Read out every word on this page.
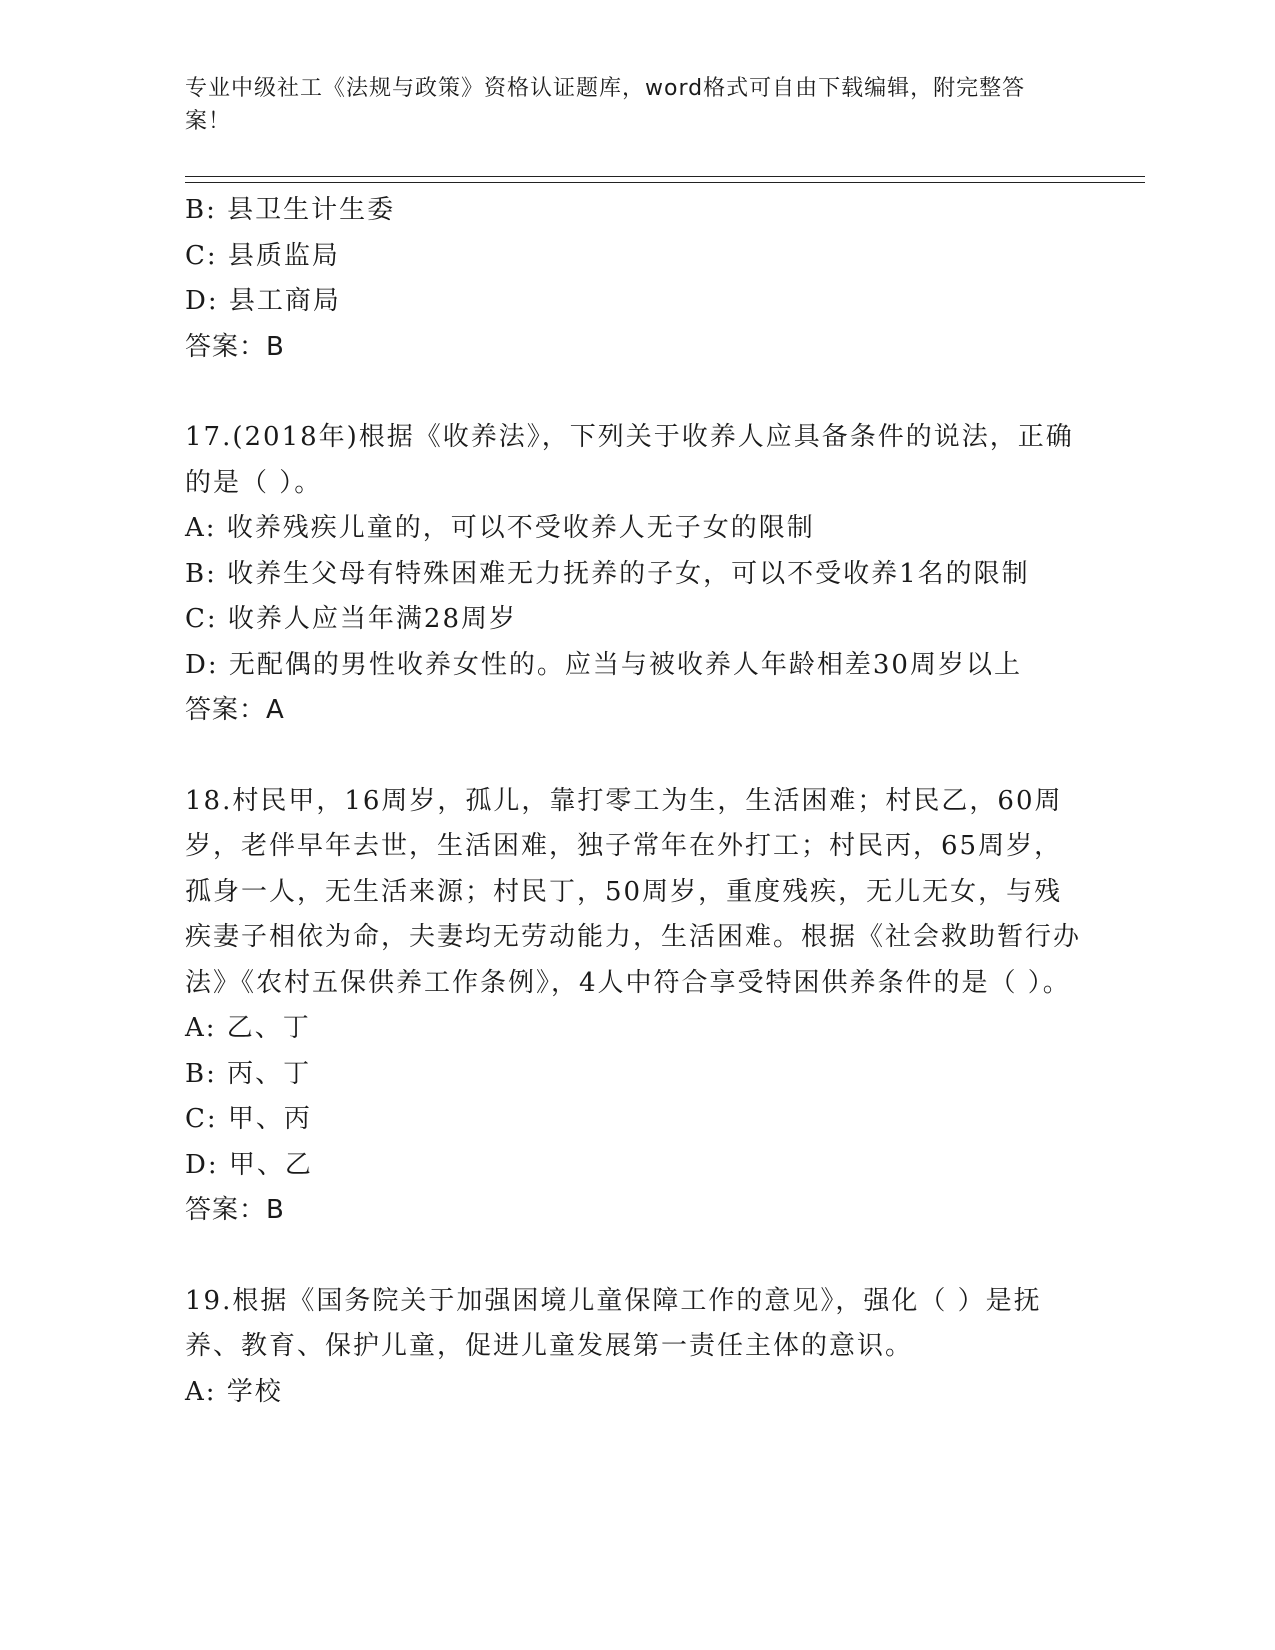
专业中级社工《法规与政策》资格认证题库，word格式可自由下载编辑，附完整答案！
B: 县卫生计生委
C: 县质监局
D: 县工商局
答案：B
17.(2018年)根据《收养法》，下列关于收养人应具备条件的说法，正确的是（ ）。
A: 收养残疾儿童的，可以不受收养人无子女的限制
B: 收养生父母有特殊困难无力抚养的子女，可以不受收养1名的限制
C: 收养人应当年满28周岁
D: 无配偶的男性收养女性的。应当与被收养人年龄相差30周岁以上
答案：A
18.村民甲，16周岁，孤儿，靠打零工为生，生活困难；村民乙，60周岁，老伴早年去世，生活困难，独子常年在外打工；村民丙，65周岁，孤身一人，无生活来源；村民丁，50周岁，重度残疾，无儿无女，与残疾妻子相依为命，夫妻均无劳动能力，生活困难。根据《社会救助暂行办法》《农村五保供养工作条例》，4人中符合享受特困供养条件的是（ ）。
A: 乙、丁
B: 丙、丁
C: 甲、丙
D: 甲、乙
答案：B
19.根据《国务院关于加强困境儿童保障工作的意见》，强化（ ）是抚养、教育、保护儿童，促进儿童发展第一责任主体的意识。
A: 学校
